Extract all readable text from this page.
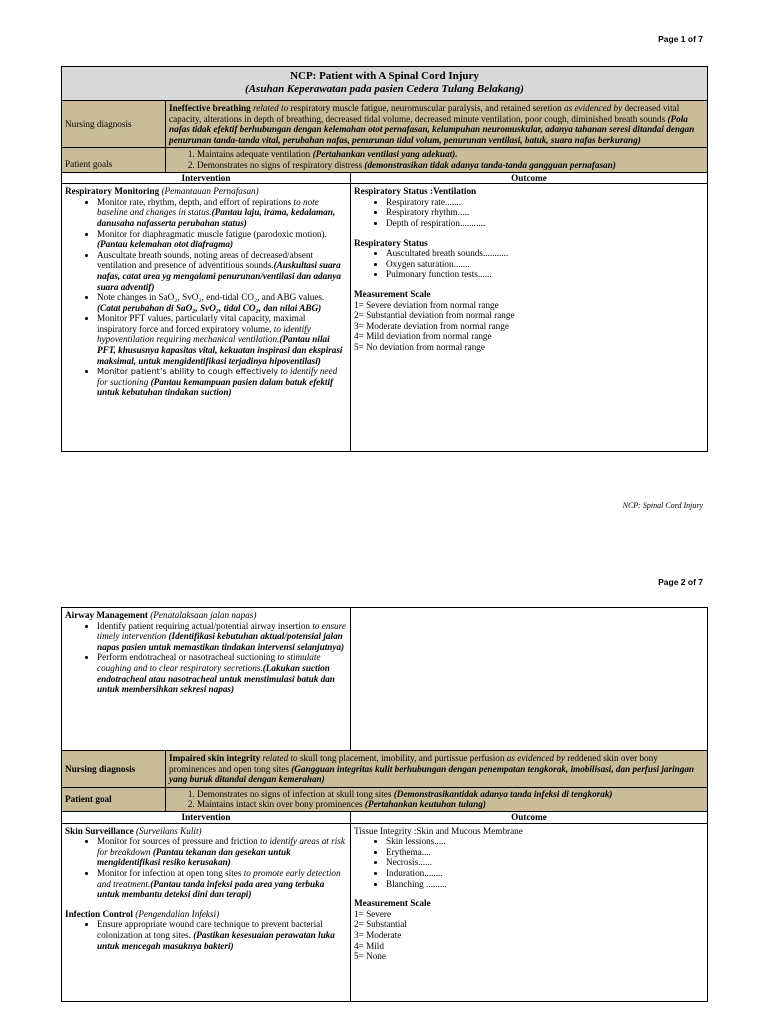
Page 1 of 7
NCP: Patient with A Spinal Cord Injury
(Asuhan Keperawatan pada pasien Cedera Tulang Belakang)
Nursing diagnosis
Ineffective breathing related to respiratory muscle fatigue, neuromuscular paralysis, and retained seretion as evidenced by decreased vital capacity, alterations in depth of breathing, decreased tidal volume, decreased minute ventilation, poor cough, diminished breath sounds (Pola nafas tidak efektif berhubungan dengan kelemahan otot pernafasan, kelumpuhan neuromuskular, adanya tahanan seresi ditandai dengan penurunan tanda-tanda vital, perubahan nafas, penurunan tidal volum, penurunan ventilasi, batuk, suara nafas berkurang)
Patient goals
1. Maintains adequate ventilation (Pertahankan ventilasi yang adekuat).
2. Demonstrates no signs of respiratory distress (demonstrasikan tidak adanya tanda-tanda gangguan pernafasan)
Intervention	Outcome
Respiratory Monitoring (Pemantauan Pernafasan)
• Monitor rate, rhythm, depth, and effort of repirations to note baseline and changes in status.(Pantau laju, irama, kedalaman, danusaha nafasserta perubahan status)
• Monitor for diaphragmatic muscle fatigue (parodoxic motion).(Pantau kelemahan otot diafragma)
• Auscultate breath sounds, noting areas of decreased/absent ventilation and presence of adventitious sounds.(Auskultasi suara nafas, catat area yg mengalami penurunan/ventilasi dan adanya suara adventif)
• Note changes in SaO₂, SvO₂, end-tidal CO₂, and ABG values. (Catat perubahan di SaO₂, SvO₂, tidal CO₂, dan nilai ABG)
• Monitor PFT values, particularly vital capacity, maximal inspiratory force and forced expiratory volume, to identify hypoventilation requiring mechanical ventilation.(Pantau nilai PFT, khususnya kapasitas vital, kekuatan inspirasi dan ekspirasi maksimal, untuk mengidentifikasi terjadinya hipoventilasi)
• Monitor patient’s ability to cough effectively to identify need for suctioning (Pantau kemampuan pasien dalam batuk efektif untuk kebutuhan tindakan suction)
Respiratory Status :Ventilation
• Respiratory rate.......
• Respiratory rhythm.....
• Depth of respiration...........
Respiratory Status
• Auscultated breath sounds...........
• Oxygen saturation.......
• Pulmonary function tests......
Measurement Scale
1= Severe deviation from normal range
2= Substantial deviation from normal range
3= Moderate deviation from normal range
4= Mild deviation from normal range
5= No deviation from normal range
NCP: Spinal Cord Injury
Page 2 of 7
Airway Management (Penatalaksaan jalan napas)
• Identify patient requiring actual/potential airway insertion to ensure timely intervention (Identifikasi kebutuhan aktual/potensial jalan napas pasien untuk memastikan tindakan intervensi selanjutnya)
• Perform endotracheal or nasotracheal suctioning to stimulate coughing and to clear respiratory secretions.(Lakukan suction endotracheal atau nasotracheal untuk menstimulasi batuk dan untuk membersihkan sekresi napas)
Nursing diagnosis
Impaired skin integrity related to skull tong placement, imobility, and purtissue perfusion as evidenced by reddened skin over bony prominences and open tong sites (Gangguan integritas kulit berhubungan dengan penempatan tengkorak, imobilisasi, dan perfusi jaringan yang buruk ditandai dengan kemerahan)
Patient goal
1. Demonstrates no signs of infection at skull tong sites (Demonstrasikantidak adanya tanda infeksi di tengkorak)
2. Maintains intact skin over bony prominences (Pertahankan keutuhan tulang)
Intervention	Outcome
Skin Surveillance (Surveilans Kulit)
• Monitor for sources of pressure and friction to identify areas at risk for breakdown (Pantau tekanan dan gesekan untuk mengidentifikasi resiko kerusakan)
• Monitor for infection at open tong sites to promote early detection and treatment.(Pantau tanda infeksi pada area yang terbuka untuk membantu deteksi dini dan terapi)
Infection Control (Pengendalian Infeksi)
• Ensure appropriate wound care technique to prevent bacterial colonization at tong sites. (Pastikan kesesuaian perawatan luka untuk mencegah masuknya bakteri)
Tissue Integrity :Skin and Mucous Membrane
• Skin lessions.....
• Erythema....
• Necrosis......
• Induration........
• Blanching .........
Measurement Scale
1= Severe
2= Substantial
3= Moderate
4= Mild
5= None
